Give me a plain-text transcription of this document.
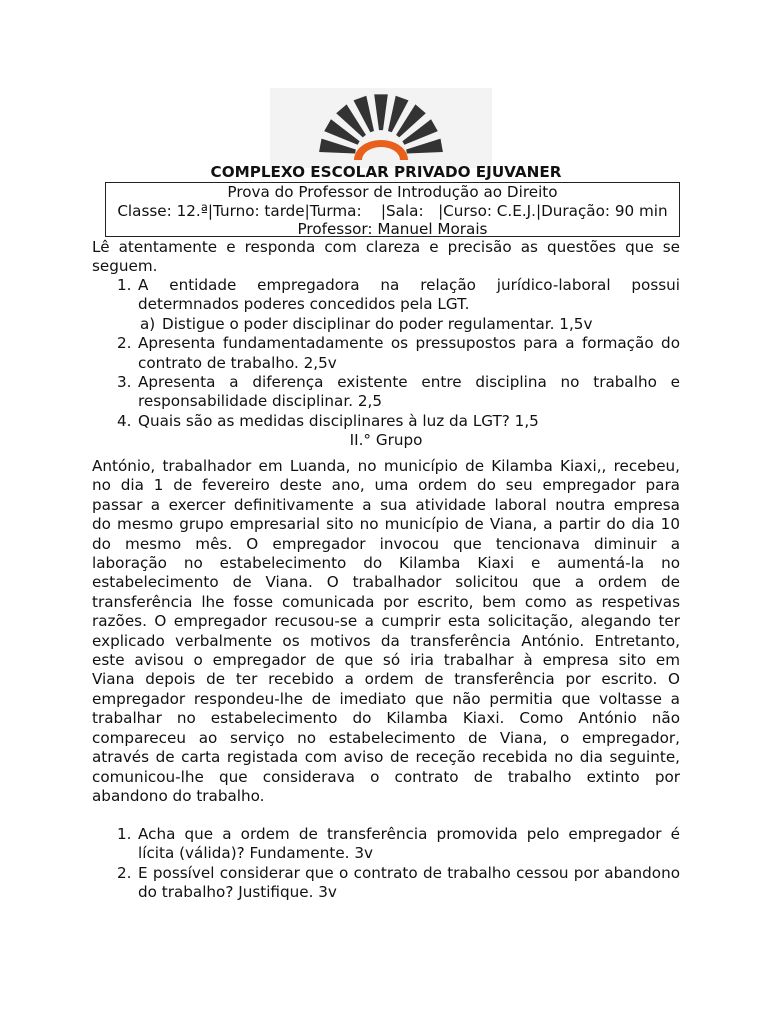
COMPLEXO ESCOLAR PRIVADO EJUVANER
Prova do Professor de Introdução ao Direito
Classe: 12.ª|Turno: tarde|Turma:    |Sala:   |Curso: C.E.J.|Duração: 90 min
Professor: Manuel Morais
Lê atentamente e responda com clareza e precisão as questões que se seguem.
1. A entidade empregadora na relação jurídico-laboral possui determnados poderes concedidos pela LGT.
a) Distigue o poder disciplinar do poder regulamentar. 1,5v
2. Apresenta fundamentadamente os pressupostos para a formação do contrato de trabalho. 2,5v
3. Apresenta a diferença existente entre disciplina no trabalho e responsabilidade disciplinar. 2,5
4. Quais são as medidas disciplinares à luz da LGT? 1,5
II.° Grupo
António, trabalhador em Luanda, no município de Kilamba Kiaxi,, recebeu,
no dia 1 de fevereiro deste ano, uma ordem do seu empregador para
passar a exercer definitivamente a sua atividade laboral noutra empresa
do mesmo grupo empresarial sito no município de Viana, a partir do dia 10
do mesmo mês. O empregador invocou que tencionava diminuir a
laboração no estabelecimento do Kilamba Kiaxi e aumentá-la no
estabelecimento de Viana. O trabalhador solicitou que a ordem de
transferência lhe fosse comunicada por escrito, bem como as respetivas
razões. O empregador recusou-se a cumprir esta solicitação, alegando ter
explicado verbalmente os motivos da transferência António. Entretanto,
este avisou o empregador de que só iria trabalhar à empresa sito em
Viana depois de ter recebido a ordem de transferência por escrito. O
empregador respondeu-lhe de imediato que não permitia que voltasse a
trabalhar no estabelecimento do Kilamba Kiaxi. Como António não
compareceu ao serviço no estabelecimento de Viana, o empregador,
através de carta registada com aviso de receção recebida no dia seguinte,
comunicou-lhe que considerava o contrato de trabalho extinto por
abandono do trabalho.
1. Acha que a ordem de transferência promovida pelo empregador é lícita (válida)? Fundamente. 3v
2. E possível considerar que o contrato de trabalho cessou por abandono do trabalho? Justifique. 3v
